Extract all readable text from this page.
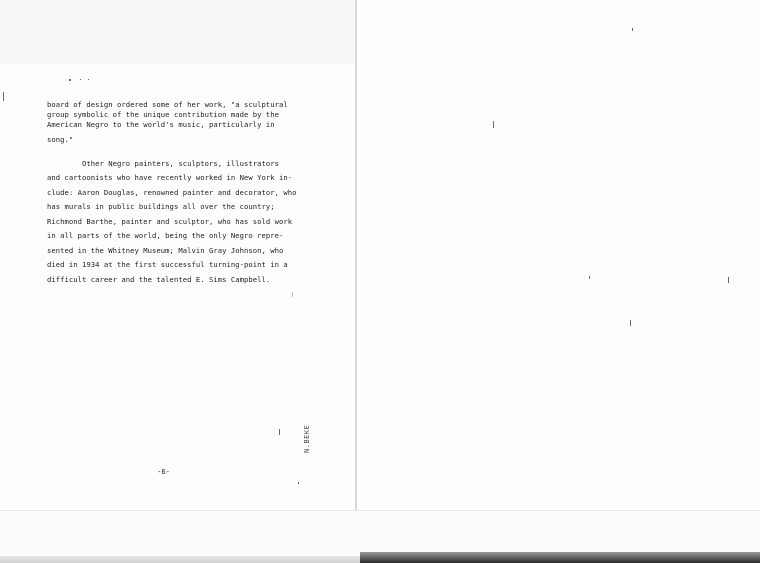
board of design ordered some of her work, "a sculptural
group symbolic of the unique contribution made by the
American Negro to the world's music, particularly in
song."
Other Negro painters, sculptors, illustrators
and cartoonists who have recently worked in New York in-
clude: Aaron Douglas, renowned painter and decorator, who
has murals in public buildings all over the country;
Richmond Barthe, painter and sculptor, who has sold work
in all parts of the world, being the only Negro repre-
sented in the Whitney Museum; Malvin Gray Johnson, who
died in 1934 at the first successful turning-point in a
difficult career and the talented E. Sims Campbell.
-6-
N.BEKE
